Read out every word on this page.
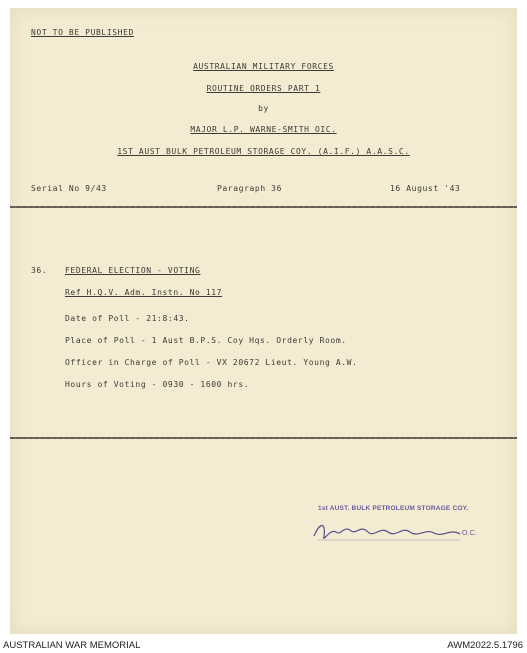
NOT TO BE PUBLISHED
AUSTRALIAN MILITARY FORCES
ROUTINE ORDERS PART 1
by
MAJOR L.P. WARNE-SMITH OIC.
1ST AUST BULK PETROLEUM STORAGE COY. (A.I.F.) A.A.S.C.
Serial No 9/43	Paragraph 36	16 August '43
36. FEDERAL ELECTION - VOTING
Ref H.Q.V. Adm. Instn. No 117
Date of Poll - 21:8:43.
Place of Poll - 1 Aust B.P.S. Coy Hqs. Orderly Room.
Officer in Charge of Poll - VX 20672 Lieut. Young A.W.
Hours of Voting - 0930 - 1600 hrs.
1st AUST. BULK PETROLEUM STORAGE COY.
O.C.
AUSTRALIAN WAR MEMORIAL	AWM2022.5.1796
